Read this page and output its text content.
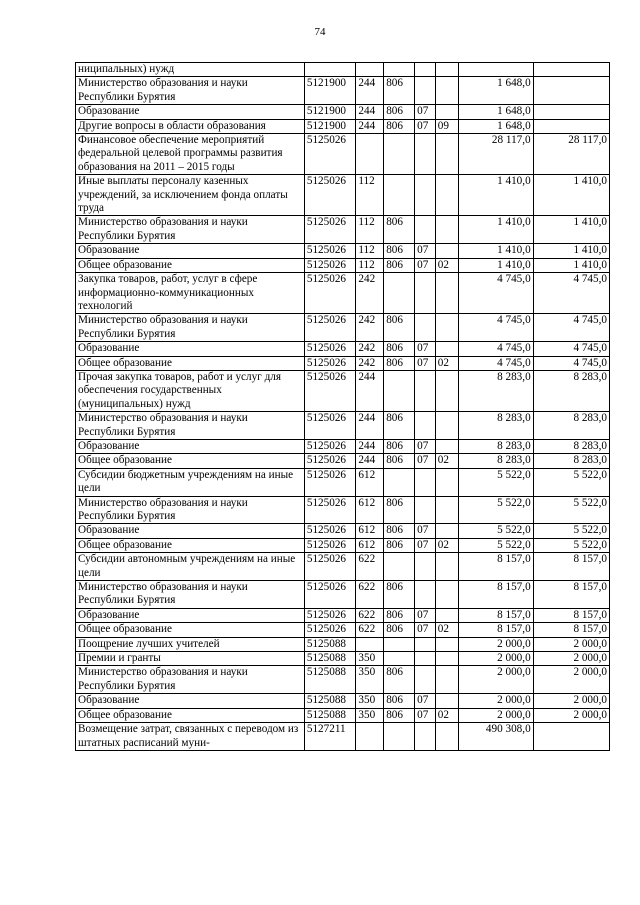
74
ниципальных) нужд							
Министерство образования и науки Республики Бурятия	5121900	244	806			1 648,0	
Образование	5121900	244	806	07		1 648,0	
Другие вопросы в области образования	5121900	244	806	07	09	1 648,0	
Финансовое обеспечение мероприятий федеральной целевой программы развития образования на 2011 – 2015 годы	5125026					28 117,0	28 117,0
Иные выплаты персоналу казенных учреждений, за исключением фонда оплаты труда	5125026	112				1 410,0	1 410,0
Министерство образования и науки Республики Бурятия	5125026	112	806			1 410,0	1 410,0
Образование	5125026	112	806	07		1 410,0	1 410,0
Общее образование	5125026	112	806	07	02	1 410,0	1 410,0
Закупка товаров, работ, услуг в сфере информационно-коммуникационных технологий	5125026	242				4 745,0	4 745,0
Министерство образования и науки Республики Бурятия	5125026	242	806			4 745,0	4 745,0
Образование	5125026	242	806	07		4 745,0	4 745,0
Общее образование	5125026	242	806	07	02	4 745,0	4 745,0
Прочая закупка товаров, работ и услуг для обеспечения государственных (муниципальных) нужд	5125026	244				8 283,0	8 283,0
Министерство образования и науки Республики Бурятия	5125026	244	806			8 283,0	8 283,0
Образование	5125026	244	806	07		8 283,0	8 283,0
Общее образование	5125026	244	806	07	02	8 283,0	8 283,0
Субсидии бюджетным учреждениям на иные цели	5125026	612				5 522,0	5 522,0
Министерство образования и науки Республики Бурятия	5125026	612	806			5 522,0	5 522,0
Образование	5125026	612	806	07		5 522,0	5 522,0
Общее образование	5125026	612	806	07	02	5 522,0	5 522,0
Субсидии автономным учреждениям на иные цели	5125026	622				8 157,0	8 157,0
Министерство образования и науки Республики Бурятия	5125026	622	806			8 157,0	8 157,0
Образование	5125026	622	806	07		8 157,0	8 157,0
Общее образование	5125026	622	806	07	02	8 157,0	8 157,0
Поощрение лучших учителей	5125088					2 000,0	2 000,0
Премии и гранты	5125088	350				2 000,0	2 000,0
Министерство образования и науки Республики Бурятия	5125088	350	806			2 000,0	2 000,0
Образование	5125088	350	806	07		2 000,0	2 000,0
Общее образование	5125088	350	806	07	02	2 000,0	2 000,0
Возмещение затрат, связанных с переводом из штатных расписаний муни-	5127211					490 308,0	
